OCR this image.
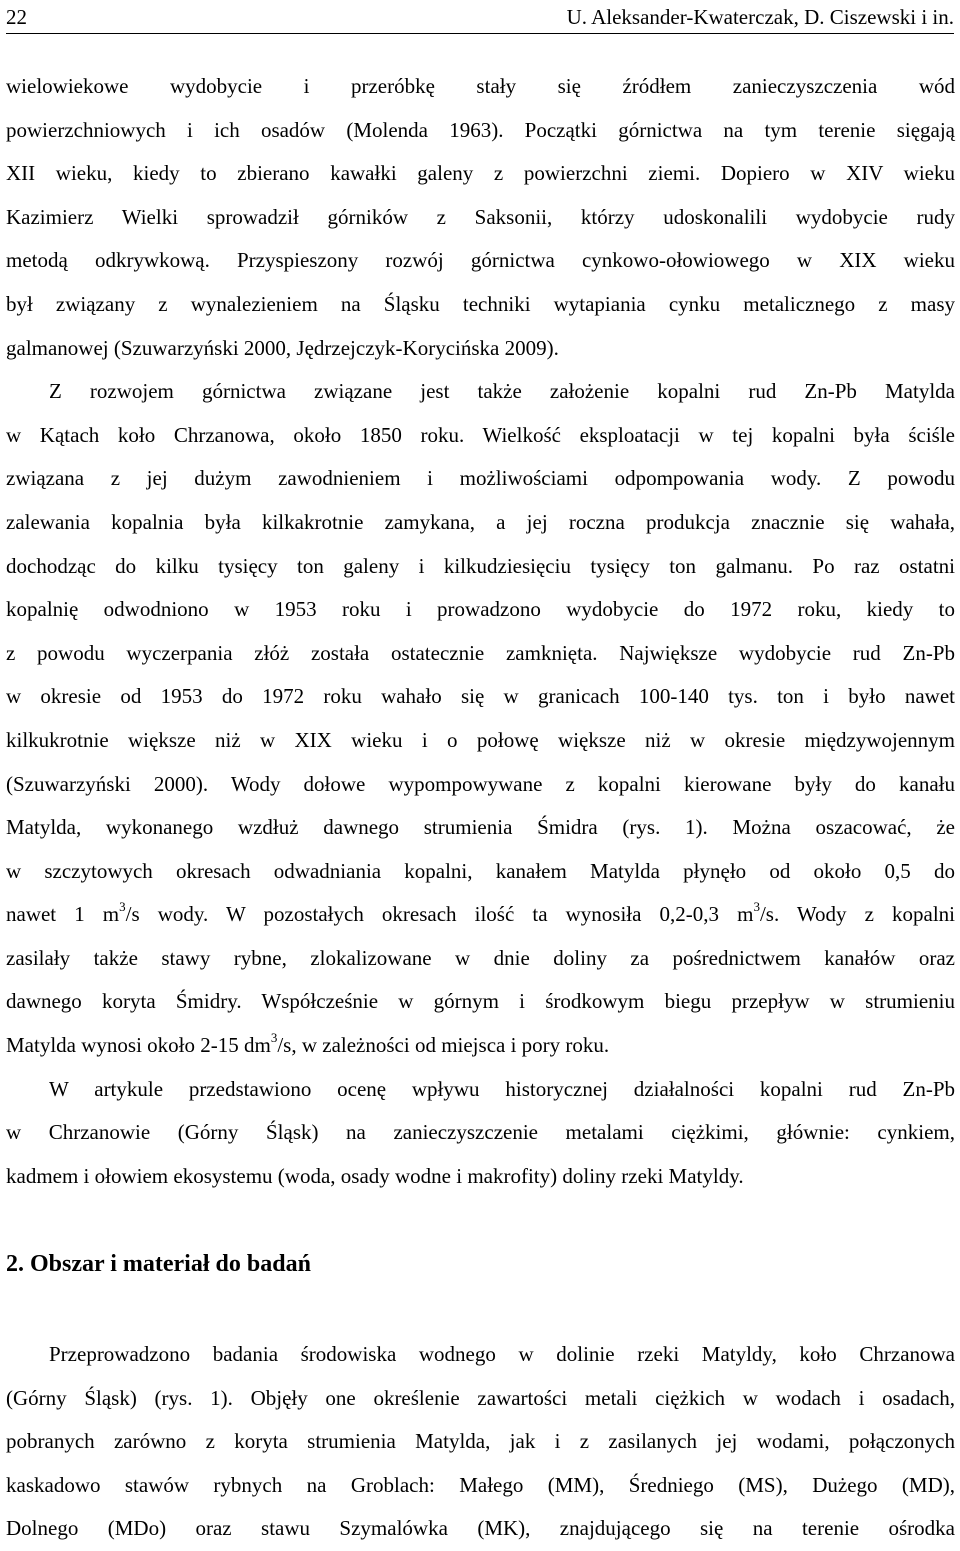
22	U. Aleksander-Kwaterczak, D. Ciszewski i in.
wielowiekowe wydobycie i przeróbkę stały się źródłem zanieczyszczenia wód
powierzchniowych i ich osadów (Molenda 1963). Początki górnictwa na tym terenie sięgają
XII wieku, kiedy to zbierano kawałki galeny z powierzchni ziemi. Dopiero w XIV wieku
Kazimierz Wielki sprowadził górników z Saksonii, którzy udoskonalili wydobycie rudy
metodą odkrywkową. Przyspieszony rozwój górnictwa cynkowo-ołowiowego w XIX wieku
był związany z wynalezieniem na Śląsku techniki wytapiania cynku metalicznego z masy
galmanowej (Szuwarzyński 2000, Jędrzejczyk-Korycińska 2009).
Z rozwojem górnictwa związane jest także założenie kopalni rud Zn-Pb Matylda
w Kątach koło Chrzanowa, około 1850 roku. Wielkość eksploatacji w tej kopalni była ściśle
związana z jej dużym zawodnieniem i możliwościami odpompowania wody. Z powodu
zalewania kopalnia była kilkakrotnie zamykana, a jej roczna produkcja znacznie się wahała,
dochodząc do kilku tysięcy ton galeny i kilkudziesięciu tysięcy ton galmanu. Po raz ostatni
kopalnię odwodniono w 1953 roku i prowadzono wydobycie do 1972 roku, kiedy to
z powodu wyczerpania złóż została ostatecznie zamknięta. Największe wydobycie rud Zn-Pb
w okresie od 1953 do 1972 roku wahało się w granicach 100-140 tys. ton i było nawet
kilkukrotnie większe niż w XIX wieku i o połowę większe niż w okresie międzywojennym
(Szuwarzyński 2000). Wody dołowe wypompowywane z kopalni kierowane były do kanału
Matylda, wykonanego wzdłuż dawnego strumienia Śmidra (rys. 1). Można oszacować, że
w szczytowych okresach odwadniania kopalni, kanałem Matylda płynęło od około 0,5 do
nawet 1 $m^3/s$ wody. W pozostałych okresach ilość ta wynosiła 0,2-0,3 $m^3/s$. Wody z kopalni
zasilały także stawy rybne, zlokalizowane w dnie doliny za pośrednictwem kanałów oraz
dawnego koryta Śmidry. Współcześnie w górnym i środkowym biegu przepływ w strumieniu
Matylda wynosi około 2-15 $dm^3/s$, w zależności od miejsca i pory roku.
W artykule przedstawiono ocenę wpływu historycznej działalności kopalni rud Zn-Pb
w Chrzanowie (Górny Śląsk) na zanieczyszczenie metalami ciężkimi, głównie: cynkiem,
kadmem i ołowiem ekosystemu (woda, osady wodne i makrofity) doliny rzeki Matyldy.
2. Obszar i materiał do badań
Przeprowadzono badania środowiska wodnego w dolinie rzeki Matyldy, koło Chrzanowa
(Górny Śląsk) (rys. 1). Objęły one określenie zawartości metali ciężkich w wodach i osadach,
pobranych zarówno z koryta strumienia Matylda, jak i z zasilanych jej wodami, połączonych
kaskadowo stawów rybnych na Groblach: Małego (MM), Średniego (MS), Dużego (MD),
Dolnego (MDo) oraz stawu Szymalówka (MK), znajdującego się na terenie ośrodka
